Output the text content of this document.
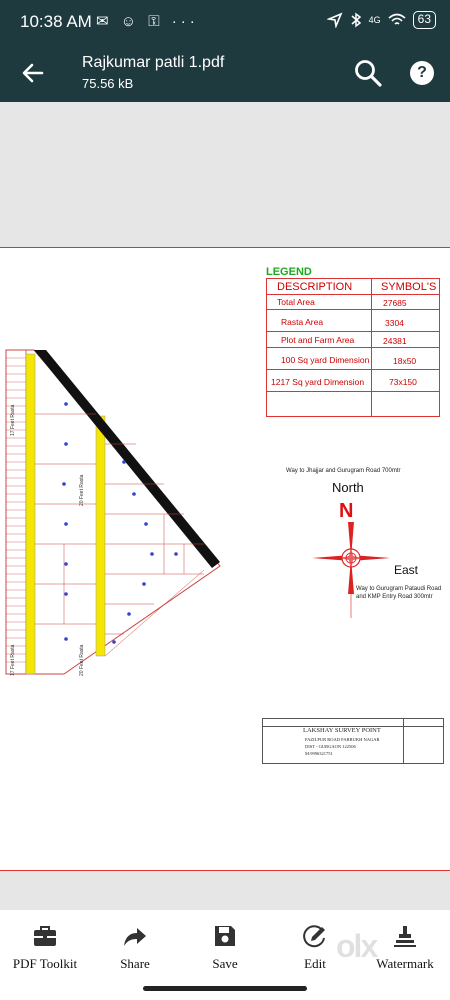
10:38 AM ✉ ☺ ⚿ ···	4G	63
Rajkumar patli 1.pdf
75.56 kB
?
17 Feet Rasta
20 Feet Rasta
17 Feet Rasta	20 Feet Rasta
LEGEND
DESCRIPTION	SYMBOL'S
Total Area	27685
Rasta Area	3304
Plot and Farm Area	24381
100 Sq yard Dimension	18x50
1217 Sq yard Dimension	73x150
Way to Jhajjar and Gurugram Road 700mtr
North
N
East
Way to Gurugram Pataudi Road and KMP Entry Road 300mtr
LAKSHAY SURVEY POINT
FAZILPUR ROAD FARRUKH NAGAR
DIST - GURGAON 122506
M:9996321751
olx
PDF Toolkit	Share	Save	Edit	Watermark
